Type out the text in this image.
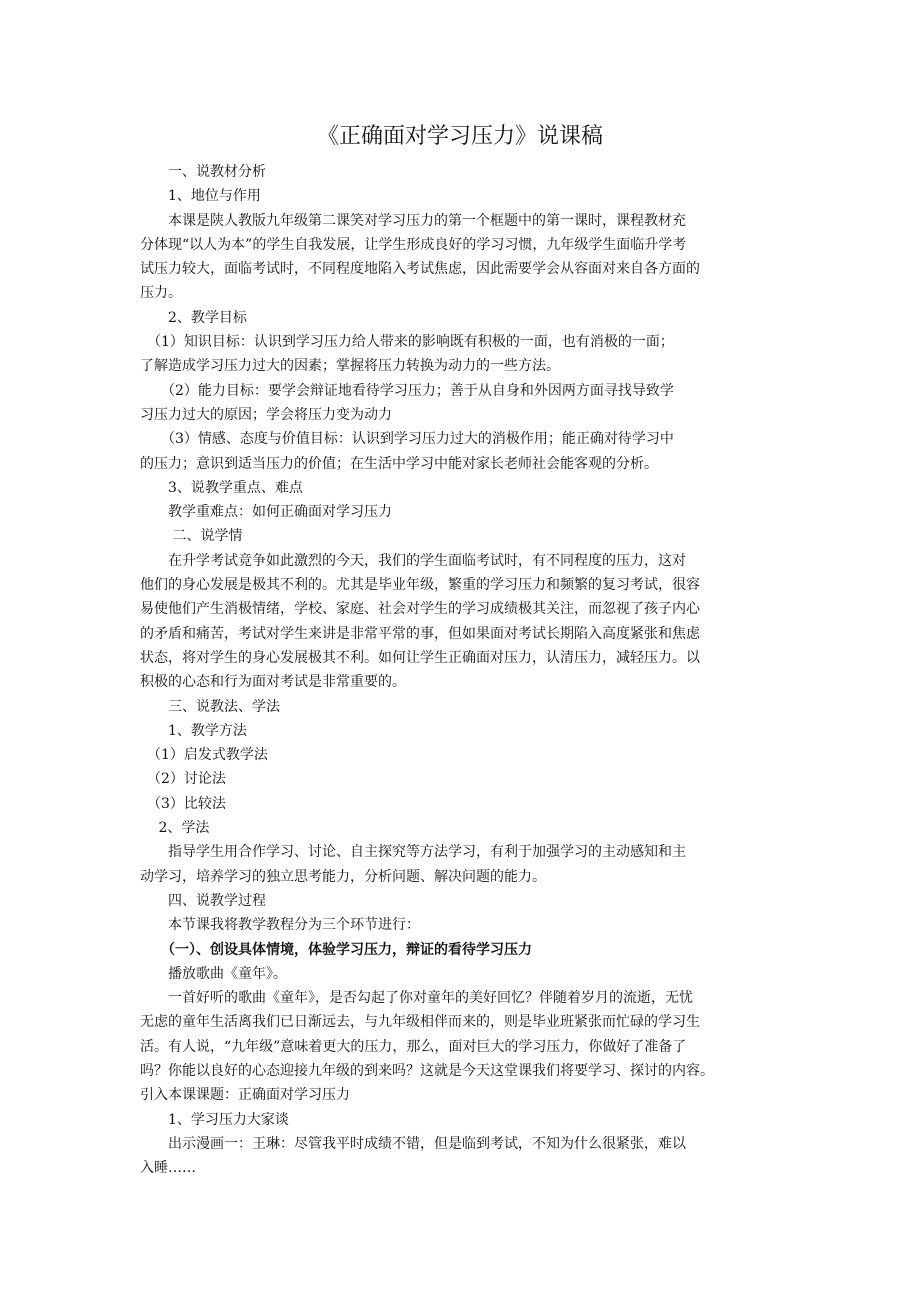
《正确面对学习压力》说课稿
　　一、说教材分析
　　1、地位与作用
　　本课是陕人教版九年级第二课笑对学习压力的第一个框题中的第一课时，课程教材充
分体现“以人为本”的学生自我发展，让学生形成良好的学习习惯，九年级学生面临升学考
试压力较大，面临考试时，不同程度地陷入考试焦虑，因此需要学会从容面对来自各方面的
压力。
　　2、教学目标
　（1）知识目标：认识到学习压力给人带来的影响既有积极的一面，也有消极的一面；
了解造成学习压力过大的因素；掌握将压力转换为动力的一些方法。
　　（2）能力目标：要学会辩证地看待学习压力；善于从自身和外因两方面寻找导致学
习压力过大的原因；学会将压力变为动力
　　（3）情感、态度与价值目标：认识到学习压力过大的消极作用；能正确对待学习中
的压力；意识到适当压力的价值；在生活中学习中能对家长老师社会能客观的分析。
　　3、说教学重点、难点
　　教学重难点：如何正确面对学习压力
　　 二、说学情
　　在升学考试竞争如此激烈的今天，我们的学生面临考试时，有不同程度的压力，这对
他们的身心发展是极其不利的。尤其是毕业年级，繁重的学习压力和频繁的复习考试，很容
易使他们产生消极情绪，学校、家庭、社会对学生的学习成绩极其关注，而忽视了孩子内心
的矛盾和痛苦，考试对学生来讲是非常平常的事，但如果面对考试长期陷入高度紧张和焦虑
状态，将对学生的身心发展极其不利。如何让学生正确面对压力，认清压力，减轻压力。以
积极的心态和行为面对考试是非常重要的。
　　三、说教法、学法
　　1、教学方法
　（1）启发式教学法
　（2）讨论法
　（3）比较法
　 2、学法
　　指导学生用合作学习、讨论、自主探究等方法学习，有利于加强学习的主动感知和主
动学习，培养学习的独立思考能力，分析问题、解决问题的能力。
　　四、说教学过程
　　本节课我将教学教程分为三个环节进行：
　　（一）、创设具体情境，体验学习压力，辩证的看待学习压力
　　播放歌曲《童年》。
　　一首好听的歌曲《童年》，是否勾起了你对童年的美好回忆？伴随着岁月的流逝，无忧
无虑的童年生活离我们已日渐远去，与九年级相伴而来的，则是毕业班紧张而忙碌的学习生
活。有人说，“九年级”意味着更大的压力，那么，面对巨大的学习压力，你做好了准备了
吗？你能以良好的心态迎接九年级的到来吗？这就是今天这堂课我们将要学习、探讨的内容。
引入本课课题：正确面对学习压力
　　1、学习压力大家谈
　　出示漫画一：王琳：尽管我平时成绩不错，但是临到考试，不知为什么很紧张，难以
入睡……
